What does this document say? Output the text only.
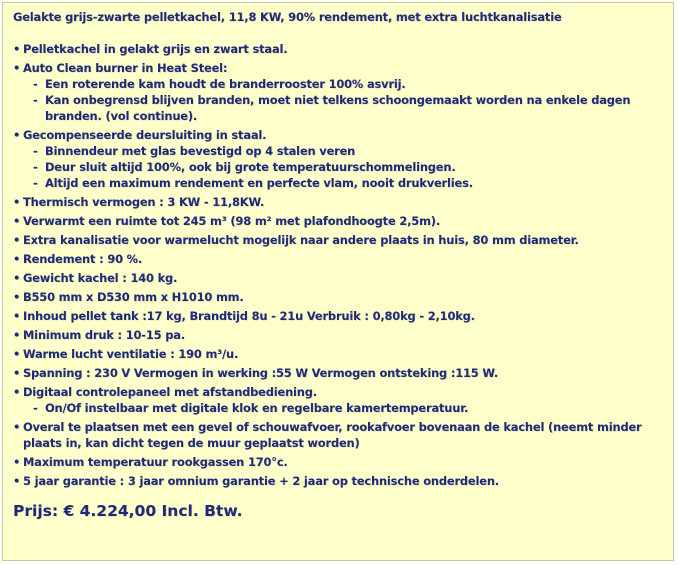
Gelakte grijs-zwarte pelletkachel, 11,8 KW, 90% rendement, met extra luchtkanalisatie
• Pelletkachel in gelakt grijs en zwart staal.
• Auto Clean burner in Heat Steel:
- Een roterende kam houdt de branderrooster 100% asvrij.
- Kan onbegrensd blijven branden, moet niet telkens schoongemaakt worden na enkele dagen branden. (vol continue).
• Gecompenseerde deursluiting in staal.
- Binnendeur met glas bevestigd op 4 stalen veren
- Deur sluit altijd 100%, ook bij grote temperatuurschommelingen.
- Altijd een maximum rendement en perfecte vlam, nooit drukverlies.
• Thermisch vermogen : 3 KW - 11,8KW.
• Verwarmt een ruimte tot 245 m³ (98 m² met plafondhoogte 2,5m).
• Extra kanalisatie voor warmelucht mogelijk naar andere plaats in huis, 80 mm diameter.
• Rendement : 90 %.
• Gewicht kachel : 140 kg.
• B550 mm x D530 mm x H1010 mm.
• Inhoud pellet tank :17 kg, Brandtijd 8u - 21u Verbruik : 0,80kg - 2,10kg.
• Minimum druk : 10-15 pa.
• Warme lucht ventilatie : 190 m³/u.
• Spanning : 230 V Vermogen in werking :55 W Vermogen ontsteking :115 W.
• Digitaal controlepaneel met afstandbediening.
- On/Of instelbaar met digitale klok en regelbare kamertemperatuur.
• Overal te plaatsen met een gevel of schouwafvoer, rookafvoer bovenaan de kachel (neemt minder plaats in, kan dicht tegen de muur geplaatst worden)
• Maximum temperatuur rookgassen 170°c.
• 5 jaar garantie : 3 jaar omnium garantie + 2 jaar op technische onderdelen.
Prijs: € 4.224,00 Incl. Btw.
